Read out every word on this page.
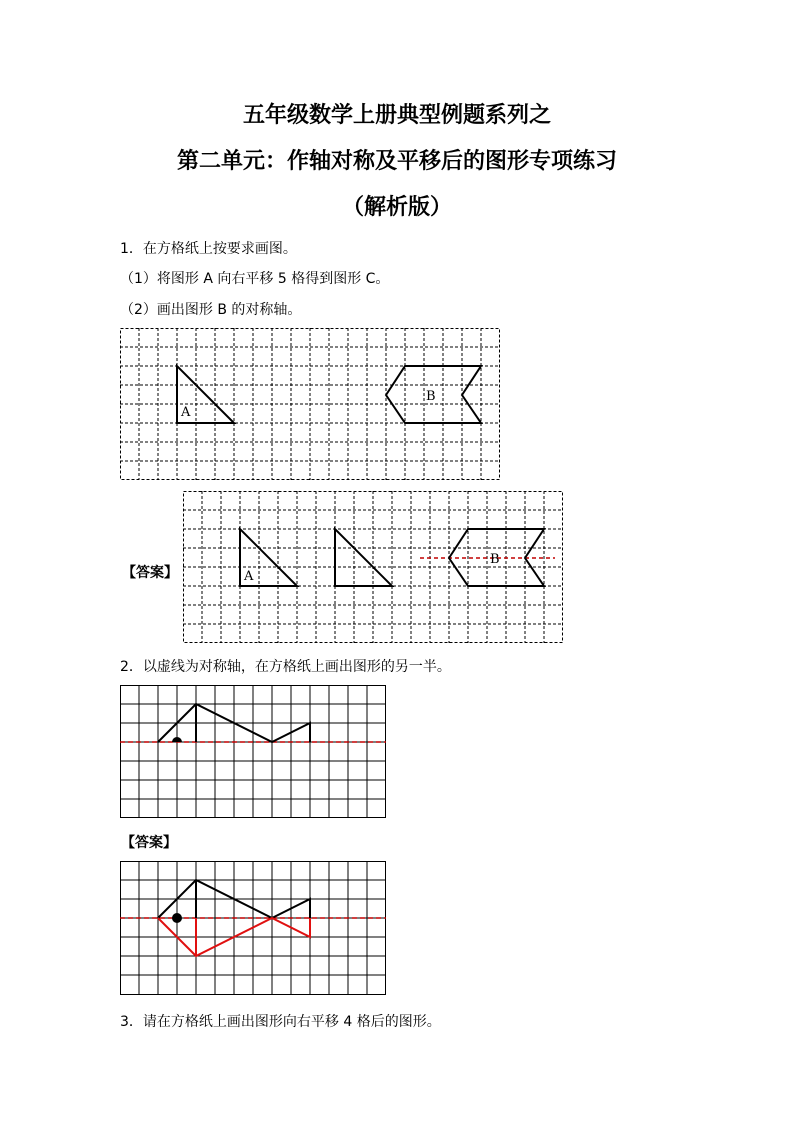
五年级数学上册典型例题系列之
第二单元：作轴对称及平移后的图形专项练习
（解析版）

1．在方格纸上按要求画图。

（1）将图形 A 向右平移 5 格得到图形 C。

（2）画出图形 B 的对称轴。

A
B
【答案】	A
B

2．以虚线为对称轴，在方格纸上画出图形的另一半。

【答案】

3．请在方格纸上画出图形向右平移 4 格后的图形。
